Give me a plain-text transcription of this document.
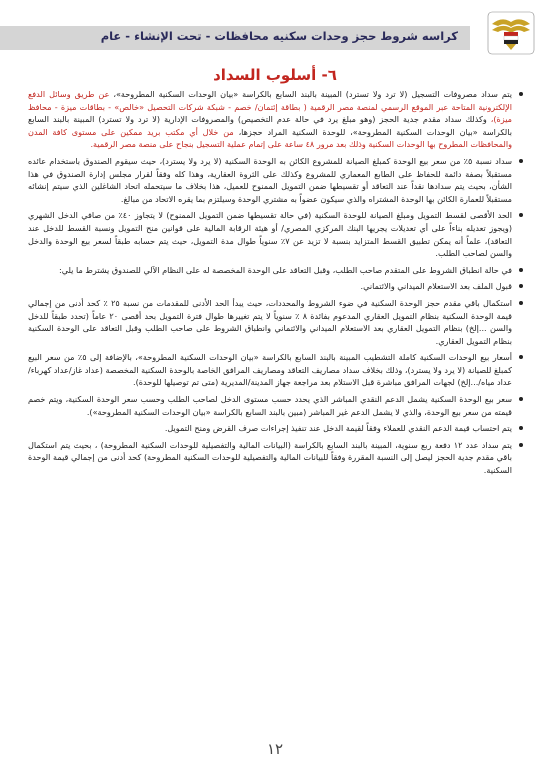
كراسه شروط حجز وحدات سكنيه محافظات - تحت الإنشاء - عام
٦- أسلوب السداد
يتم سداد مصروفات التسجيل (لا ترد ولا تسترد) المبينة بالبند السابع بالكراسة «بيان الوحدات السكنية المطروحة»، عن طريق وسائل الدفع الإلكترونية المتاحة عبر الموقع الرسمي لمنصة مصر الرقمية ( بطاقة إئتمان/ خصم - شبكة شركات التحصيل «خالص» - بطاقات ميزة - محافظ ميزة)، وكذلك سداد مقدم جدية الحجز (وهو مبلغ يرد في حالة عدم التخصيص) والمصروفات الإدارية (لا ترد ولا تسترد) المبينة بالبند السابع بالكراسة «بيان الوحدات السكنية المطروحة»، للوحدة السكنية المراد حجزها، من خلال أي مكتب بريد ممكين على مستوى كافة المدن والمحافظات المطروح بها الوحدات السكنية وذلك بعد مرور ٤٨ ساعة على إتمام عملية التسجيل بنجاح على منصة مصر الرقمية.
سداد نسبة ٥٪ من سعر بيع الوحدة كمبلغ الصيانة للمشروع الكائن به الوحدة السكنية (لا يرد ولا يسترد)، حيث سيقوم الصندوق باستخدام عائده مستقبلاً بصفة دائمة للحفاظ على الطابع المعماري للمشروع وكذلك على الثروة العقارية، وهذا كله وفقاً لقرار مجلس إدارة الصندوق في هذا الشأن، بحيث يتم سدادها نقداً عند التعاقد أو تقسيطها ضمن التمويل الممنوح للعميل، هذا بخلاف ما سيتحمله اتحاد الشاغلين الذي سيتم إنشائه مستقبلاً للعمارة الكائن بها الوحدة المشتراه والذي سيكون عضواً به مشتري الوحدة وسيلتزم بما يقره الاتحاد من مبالغ.
الحد الأقصى لقسط التمويل ومبلغ الصيانة للوحدة السكنية (في حالة تقسيطها ضمن التمويل الممنوح) لا يتجاوز ٤٠٪ من صافي الدخل الشهري (ويجوز تعديله بناءاً على أي تعديلات يجريها البنك المركزي المصري/ أو هيئة الرقابة المالية على قوانين منح التمويل ونسبة القسط للدخل عند التعاقد)، علماً أنه يمكن تطبيق القسط المتزايد بنسبة لا تزيد عن ٧٪ سنوياً طوال مدة التمويل، حيث يتم حسابه طبقاً لسعر بيع الوحدة والدخل والسن لصاحب الطلب.
في حالة انطباق الشروط على المتقدم صاحب الطلب، وقبل التعاقد على الوحدة المخصصة له على النظام الآلي للصندوق يشترط ما يلي:
قبول الملف بعد الاستعلام الميداني والائتماني.
استكمال باقي مقدم حجز الوحدة السكنية في ضوء الشروط والمحددات، حيث يبدأ الحد الأدنى للمقدمات من نسبة ٢٥ ٪ كحد أدنى من إجمالي قيمة الوحدة السكنية بنظام التمويل العقاري المدعوم بفائدة ٨ ٪ سنوياً لا يتم تغييرها طوال فترة التمويل بحد أقصى ٢٠ عاماً (تحدد طبقاً للدخل والسن ...إلخ) بنظام التمويل العقاري بعد الاستعلام الميداني والائتماني وانطباق الشروط على صاحب الطلب وقبل التعاقد على الوحدة السكنية بنظام التمويل العقاري.
أسعار بيع الوحدات السكنية كاملة التشطيب المبينة بالبند السابع بالكراسة «بيان الوحدات السكنية المطروحة»، بالإضافة إلى ٥٪ من سعر البيع كمبلغ للصيانة (لا يرد ولا يسترد)، وذلك بخلاف سداد مصاريف التعاقد ومصاريف المرافق الخاصة بالوحدة السكنية المخصصة (عداد غاز/عداد كهرباء/عداد مياه/...إلخ) لجهات المرافق مباشرة قبل الاستلام بعد مراجعة جهاز المدينة/المديرية (متى تم توصيلها للوحدة).
سعر بيع الوحدة السكنية يشمل الدعم النقدي المباشر الذي يحدد حسب مستوى الدخل لصاحب الطلب وحسب سعر الوحدة السكنية، ويتم خصم قيمته من سعر بيع الوحدة، والذي لا يشمل الدعم غير المباشر (مبين بالبند السابع بالكراسة «بيان الوحدات السكنية المطروحة»).
يتم احتساب قيمة الدعم النقدي للعملاء وفقاً لقيمة الدخل عند تنفيذ إجراءات صرف القرض ومنح التمويل.
يتم سداد عدد ١٢ دفعة ربع سنوية، المبينة بالبند السابع بالكراسة (البيانات المالية والتفصيلية للوحدات السكنية المطروحة) ، بحيث يتم استكمال باقي مقدم جدية الحجز ليصل إلى النسبة المقررة وفقاً للبيانات المالية والتفصيلية للوحدات السكنية المطروحة) كحد أدنى من إجمالي قيمة الوحدة السكنية.
١٢
